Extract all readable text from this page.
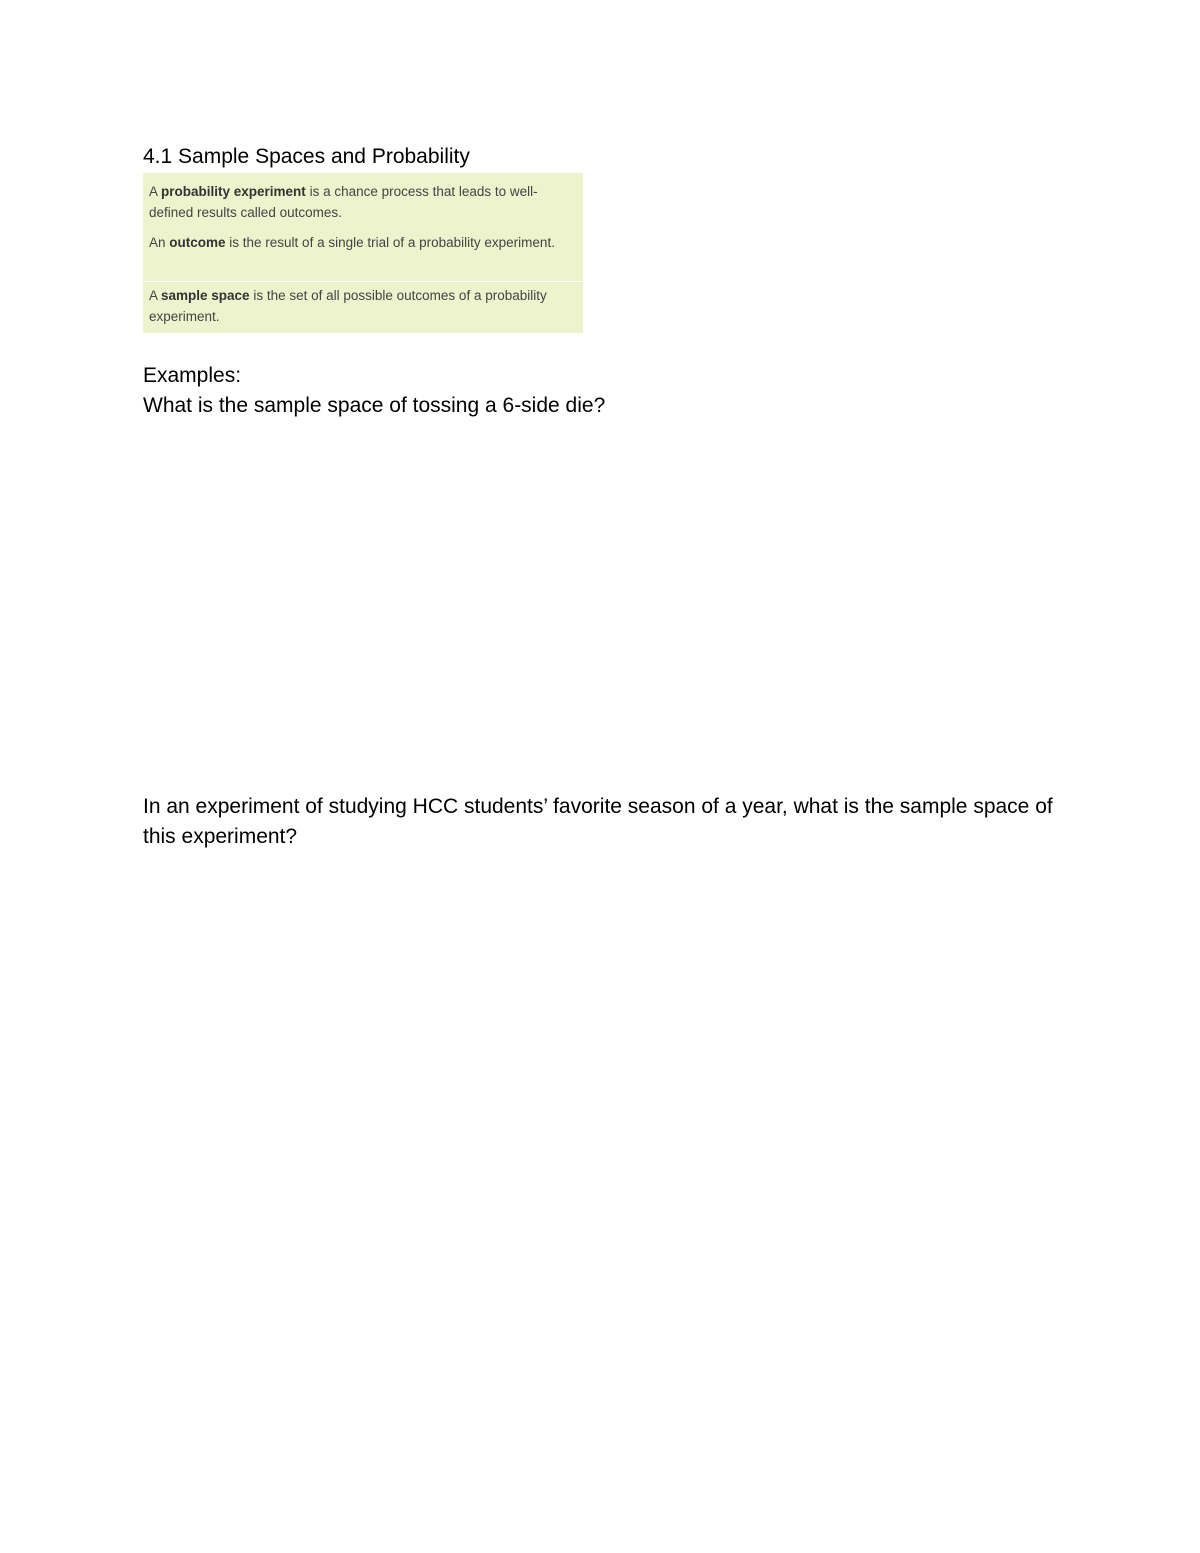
4.1 Sample Spaces and Probability
A probability experiment is a chance process that leads to well-defined results called outcomes.
An outcome is the result of a single trial of a probability experiment.
A sample space is the set of all possible outcomes of a probability experiment.
Examples:
What is the sample space of tossing a 6-side die?
In an experiment of studying HCC students’ favorite season of a year, what is the sample space of this experiment?
